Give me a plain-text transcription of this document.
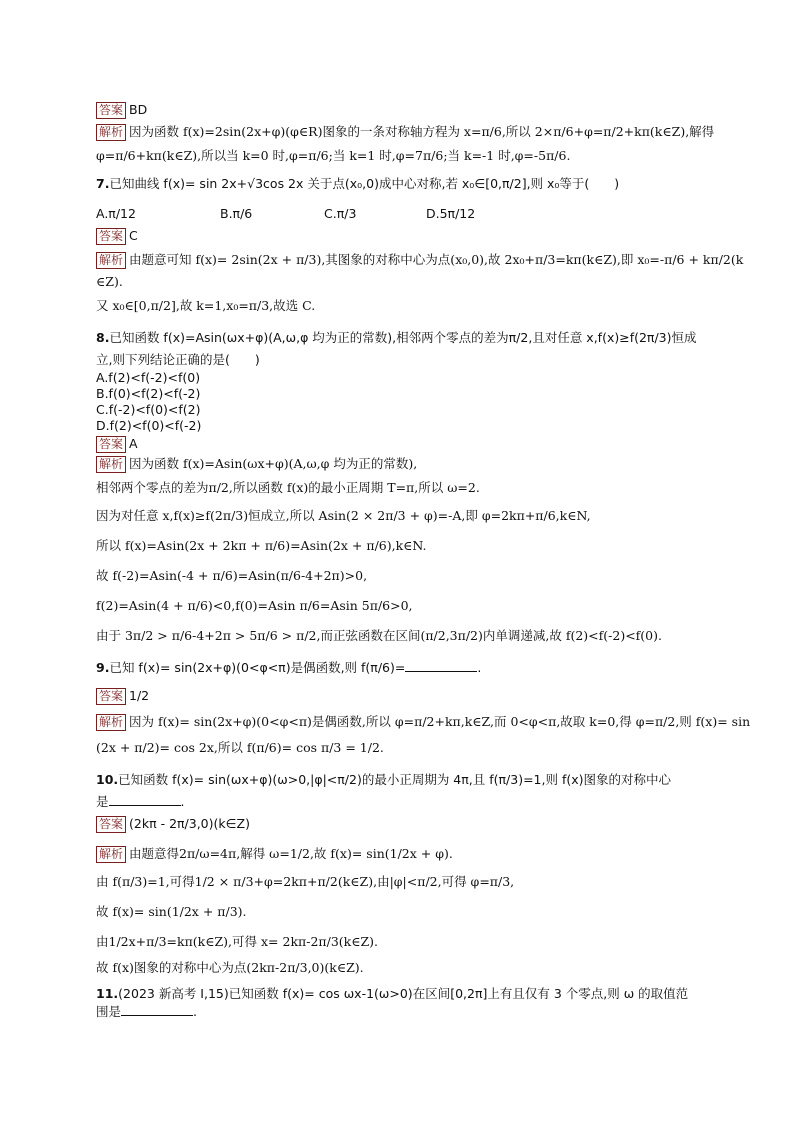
答案 BD
解析 因为函数 f(x)=2sin(2x+φ)(φ∈R)图象的一条对称轴方程为 x=π/6,所以 2×π/6+φ=π/2+kπ(k∈Z),解得
φ=π/6+kπ(k∈Z),所以当 k=0 时,φ=π/6;当 k=1 时,φ=7π/6;当 k=-1 时,φ=-5π/6.
7.已知曲线 f(x)= sin 2x+√3cos 2x 关于点(x₀,0)成中心对称,若 x₀∈[0,π/2],则 x₀等于(　　)
A.π/12	B.π/6	C.π/3	D.5π/12
答案 C
解析 由题意可知 f(x)= 2sin(2x + π/3),其图象的对称中心为点(x₀,0),故 2x₀+π/3=kπ(k∈Z),即 x₀=-π/6 + kπ/2(k
∈Z).
又 x₀∈[0,π/2],故 k=1,x₀=π/3,故选 C.
8.已知函数 f(x)=Asin(ωx+φ)(A,ω,φ 均为正的常数),相邻两个零点的差为π/2,且对任意 x,f(x)≥f(2π/3)恒成
立,则下列结论正确的是(　　)
A.f(2)<f(-2)<f(0)
B.f(0)<f(2)<f(-2)
C.f(-2)<f(0)<f(2)
D.f(2)<f(0)<f(-2)
答案 A
解析 因为函数 f(x)=Asin(ωx+φ)(A,ω,φ 均为正的常数),
相邻两个零点的差为π/2,所以函数 f(x)的最小正周期 T=π,所以 ω=2.
因为对任意 x,f(x)≥f(2π/3)恒成立,所以 Asin(2 × 2π/3 + φ)=-A,即 φ=2kπ+π/6,k∈N,
所以 f(x)=Asin(2x + 2kπ + π/6)=Asin(2x + π/6),k∈N.
故 f(-2)=Asin(-4 + π/6)=Asin(π/6-4+2π)>0,
f(2)=Asin(4 + π/6)<0,f(0)=Asin π/6=Asin 5π/6>0,
由于 3π/2 > π/6-4+2π > 5π/6 > π/2,而正弦函数在区间(π/2,3π/2)内单调递减,故 f(2)<f(-2)<f(0).
9.已知 f(x)= sin(2x+φ)(0<φ<π)是偶函数,则 f(π/6)=	.
答案 1/2
解析 因为 f(x)= sin(2x+φ)(0<φ<π)是偶函数,所以 φ=π/2+kπ,k∈Z,而 0<φ<π,故取 k=0,得 φ=π/2,则 f(x)= sin
(2x + π/2)= cos 2x,所以 f(π/6)= cos π/3 = 1/2.
10.已知函数 f(x)= sin(ωx+φ)(ω>0,|φ|<π/2)的最小正周期为 4π,且 f(π/3)=1,则 f(x)图象的对称中心
是	.
答案 (2kπ - 2π/3,0)(k∈Z)
解析 由题意得2π/ω=4π,解得 ω=1/2,故 f(x)= sin(1/2x + φ).
由 f(π/3)=1,可得1/2 × π/3+φ=2kπ+π/2(k∈Z),由|φ|<π/2,可得 φ=π/3,
故 f(x)= sin(1/2x + π/3).
由1/2x+π/3=kπ(k∈Z),可得 x= 2kπ-2π/3(k∈Z).
故 f(x)图象的对称中心为点(2kπ-2π/3,0)(k∈Z).
11.(2023 新高考 Ⅰ,15)已知函数 f(x)= cos ωx-1(ω>0)在区间[0,2π]上有且仅有 3 个零点,则 ω 的取值范
围是	.
